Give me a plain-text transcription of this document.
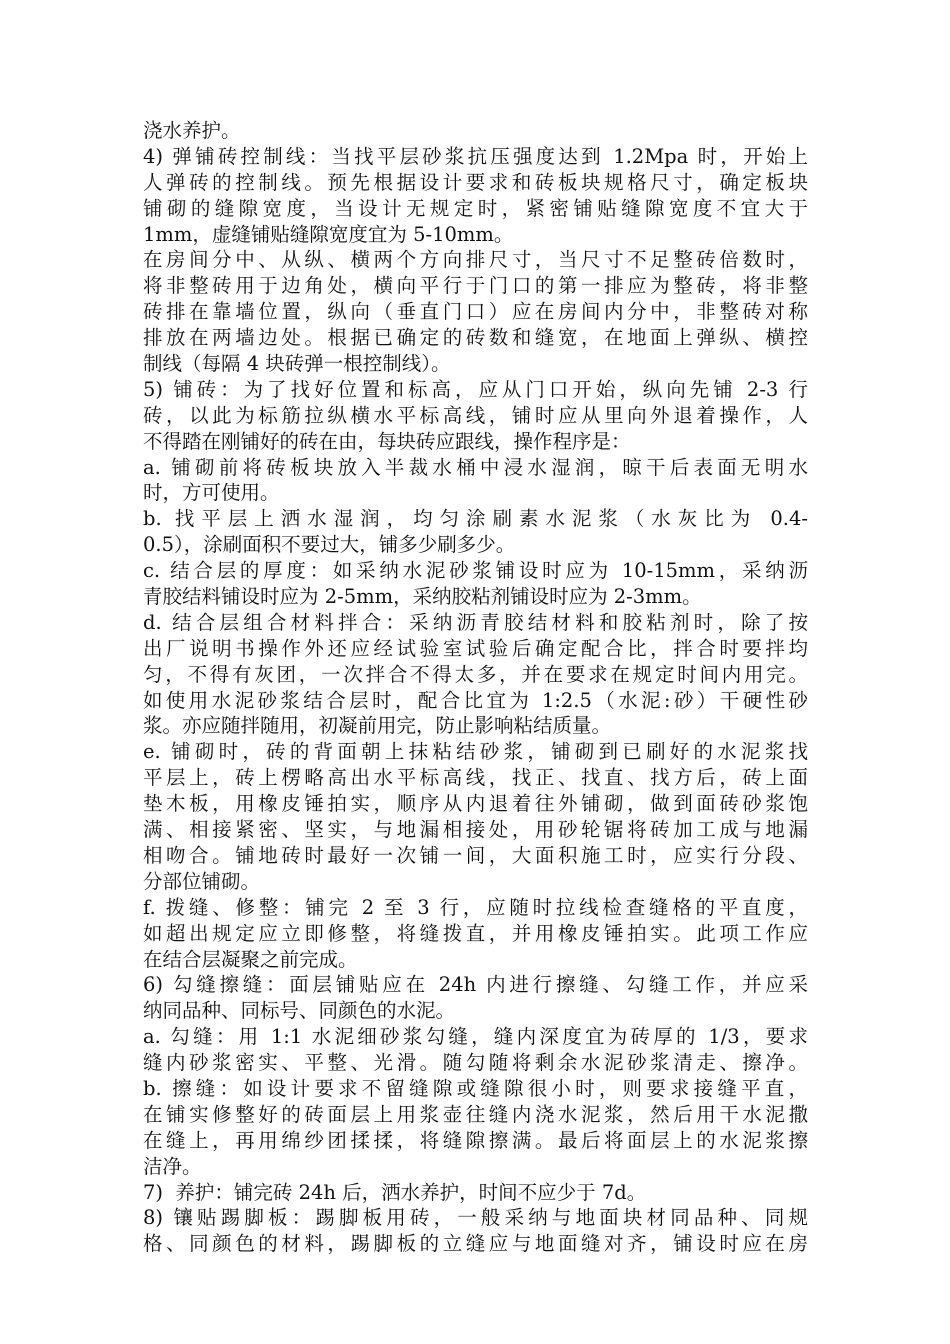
浇水养护。
4) 弹铺砖控制线：当找平层砂浆抗压强度达到 1.2Mpa 时，开始上
人弹砖的控制线。预先根据设计要求和砖板块规格尺寸，确定板块
铺砌的缝隙宽度，当设计无规定时，紧密铺贴缝隙宽度不宜大于
1mm，虚缝铺贴缝隙宽度宜为 5-10mm。
在房间分中、从纵、横两个方向排尺寸，当尺寸不足整砖倍数时，
将非整砖用于边角处，横向平行于门口的第一排应为整砖，将非整
砖排在靠墙位置，纵向（垂直门口）应在房间内分中，非整砖对称
排放在两墙边处。根据已确定的砖数和缝宽，在地面上弹纵、横控
制线（每隔 4 块砖弹一根控制线）。
5) 铺砖：为了找好位置和标高，应从门口开始，纵向先铺 2-3 行
砖，以此为标筋拉纵横水平标高线，铺时应从里向外退着操作，人
不得踏在刚铺好的砖在由，每块砖应跟线，操作程序是：
a. 铺砌前将砖板块放入半裁水桶中浸水湿润，晾干后表面无明水
时，方可使用。
b. 找平层上洒水湿润，均匀涂刷素水泥浆（水灰比为 0.4-
0.5），涂刷面积不要过大，铺多少刷多少。
c. 结合层的厚度：如采纳水泥砂浆铺设时应为 10-15mm，采纳沥
青胶结料铺设时应为 2-5mm，采纳胶粘剂铺设时应为 2-3mm。
d. 结合层组合材料拌合：采纳沥青胶结材料和胶粘剂时，除了按
出厂说明书操作外还应经试验室试验后确定配合比，拌合时要拌均
匀，不得有灰团，一次拌合不得太多，并在要求在规定时间内用完。
如使用水泥砂浆结合层时，配合比宜为 1:2.5（水泥:砂）干硬性砂
浆。亦应随拌随用，初凝前用完，防止影响粘结质量。
e. 铺砌时，砖的背面朝上抹粘结砂浆，铺砌到已刷好的水泥浆找
平层上，砖上楞略高出水平标高线，找正、找直、找方后，砖上面
垫木板，用橡皮锤拍实，顺序从内退着往外铺砌，做到面砖砂浆饱
满、相接紧密、坚实，与地漏相接处，用砂轮锯将砖加工成与地漏
相吻合。铺地砖时最好一次铺一间，大面积施工时，应实行分段、
分部位铺砌。
f. 拨缝、修整：铺完 2 至 3 行，应随时拉线检查缝格的平直度，
如超出规定应立即修整，将缝拨直，并用橡皮锤拍实。此项工作应
在结合层凝聚之前完成。
6) 勾缝擦缝：面层铺贴应在 24h 内进行擦缝、勾缝工作，并应采
纳同品种、同标号、同颜色的水泥。
a. 勾缝：用 1:1 水泥细砂浆勾缝，缝内深度宜为砖厚的 1/3，要求
缝内砂浆密实、平整、光滑。随勾随将剩余水泥砂浆清走、擦净。
b. 擦缝：如设计要求不留缝隙或缝隙很小时，则要求接缝平直，
在铺实修整好的砖面层上用浆壶往缝内浇水泥浆，然后用干水泥撒
在缝上，再用绵纱团揉揉，将缝隙擦满。最后将面层上的水泥浆擦
洁净。
7)  养护：铺完砖 24h 后，洒水养护，时间不应少于 7d。
8) 镶贴踢脚板：踢脚板用砖，一般采纳与地面块材同品种、同规
格、同颜色的材料，踢脚板的立缝应与地面缝对齐，铺设时应在房
